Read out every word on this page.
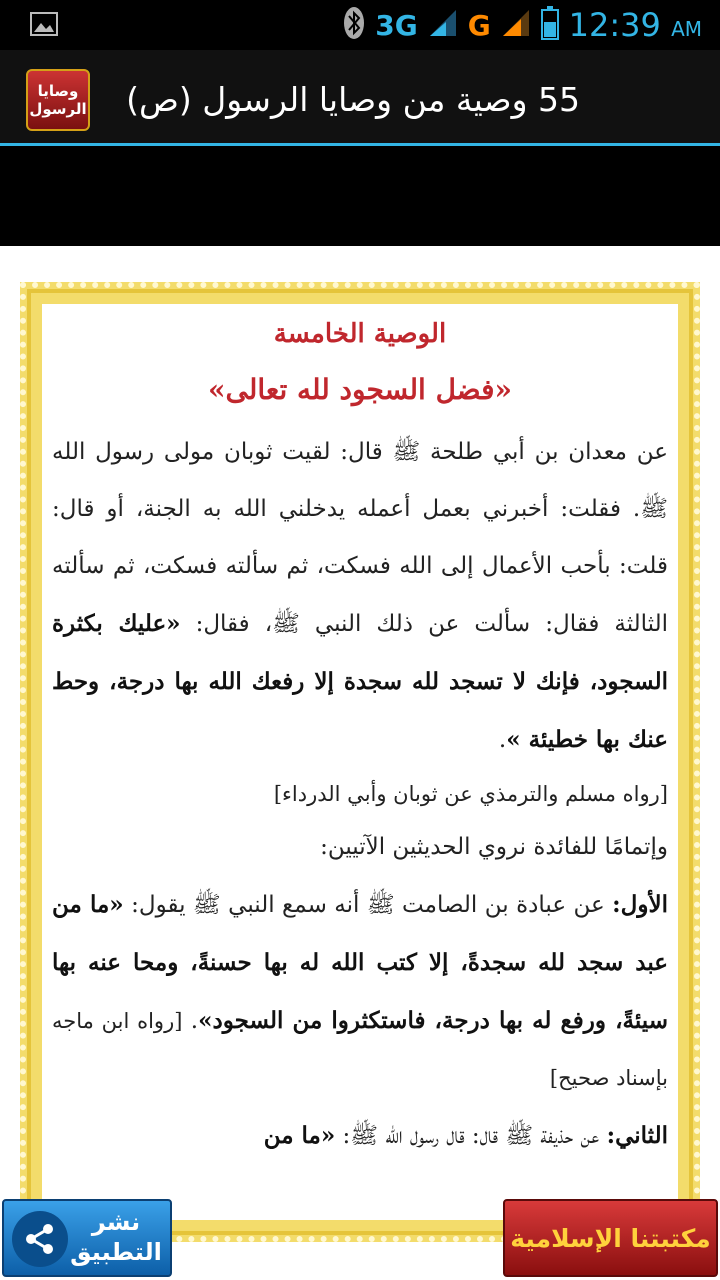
3G G 12:39 AM
وصايا
الرسول	55 وصية من وصايا الرسول (ص)

الوصية الخامسة

«فضل السجود لله تعالى»

عن معدان بن أبي طلحة ﷺ قال: لقيت ثوبان مولى رسول الله ﷺ. فقلت: أخبرني بعمل أعمله يدخلني الله به الجنة، أو قال: قلت: بأحب الأعمال إلى الله فسكت، ثم سألته فسكت، ثم سألته الثالثة فقال: سألت عن ذلك النبي ﷺ، فقال: «عليك بكثرة السجود، فإنك لا تسجد لله سجدة إلا رفعك الله بها درجة، وحط عنك بها خطيئة ».

[رواه مسلم والترمذي عن ثوبان وأبي الدرداء]

وإتمامًا للفائدة نروي الحديثين الآتيين:

الأول: عن عبادة بن الصامت ﷺ أنه سمع النبي ﷺ يقول: «ما من عبد سجد لله سجدةً، إلا كتب الله له بها حسنةً، ومحا عنه بها سيئةً، ورفع له بها درجة، فاستكثروا من السجود». [رواه ابن ماجه بإسناد صحيح]

الثاني: عن حذيفة ﷺ قال: قال رسول الله ﷺ: «ما من

نشر
التطبيق	مكتبتنا الإسلامية
